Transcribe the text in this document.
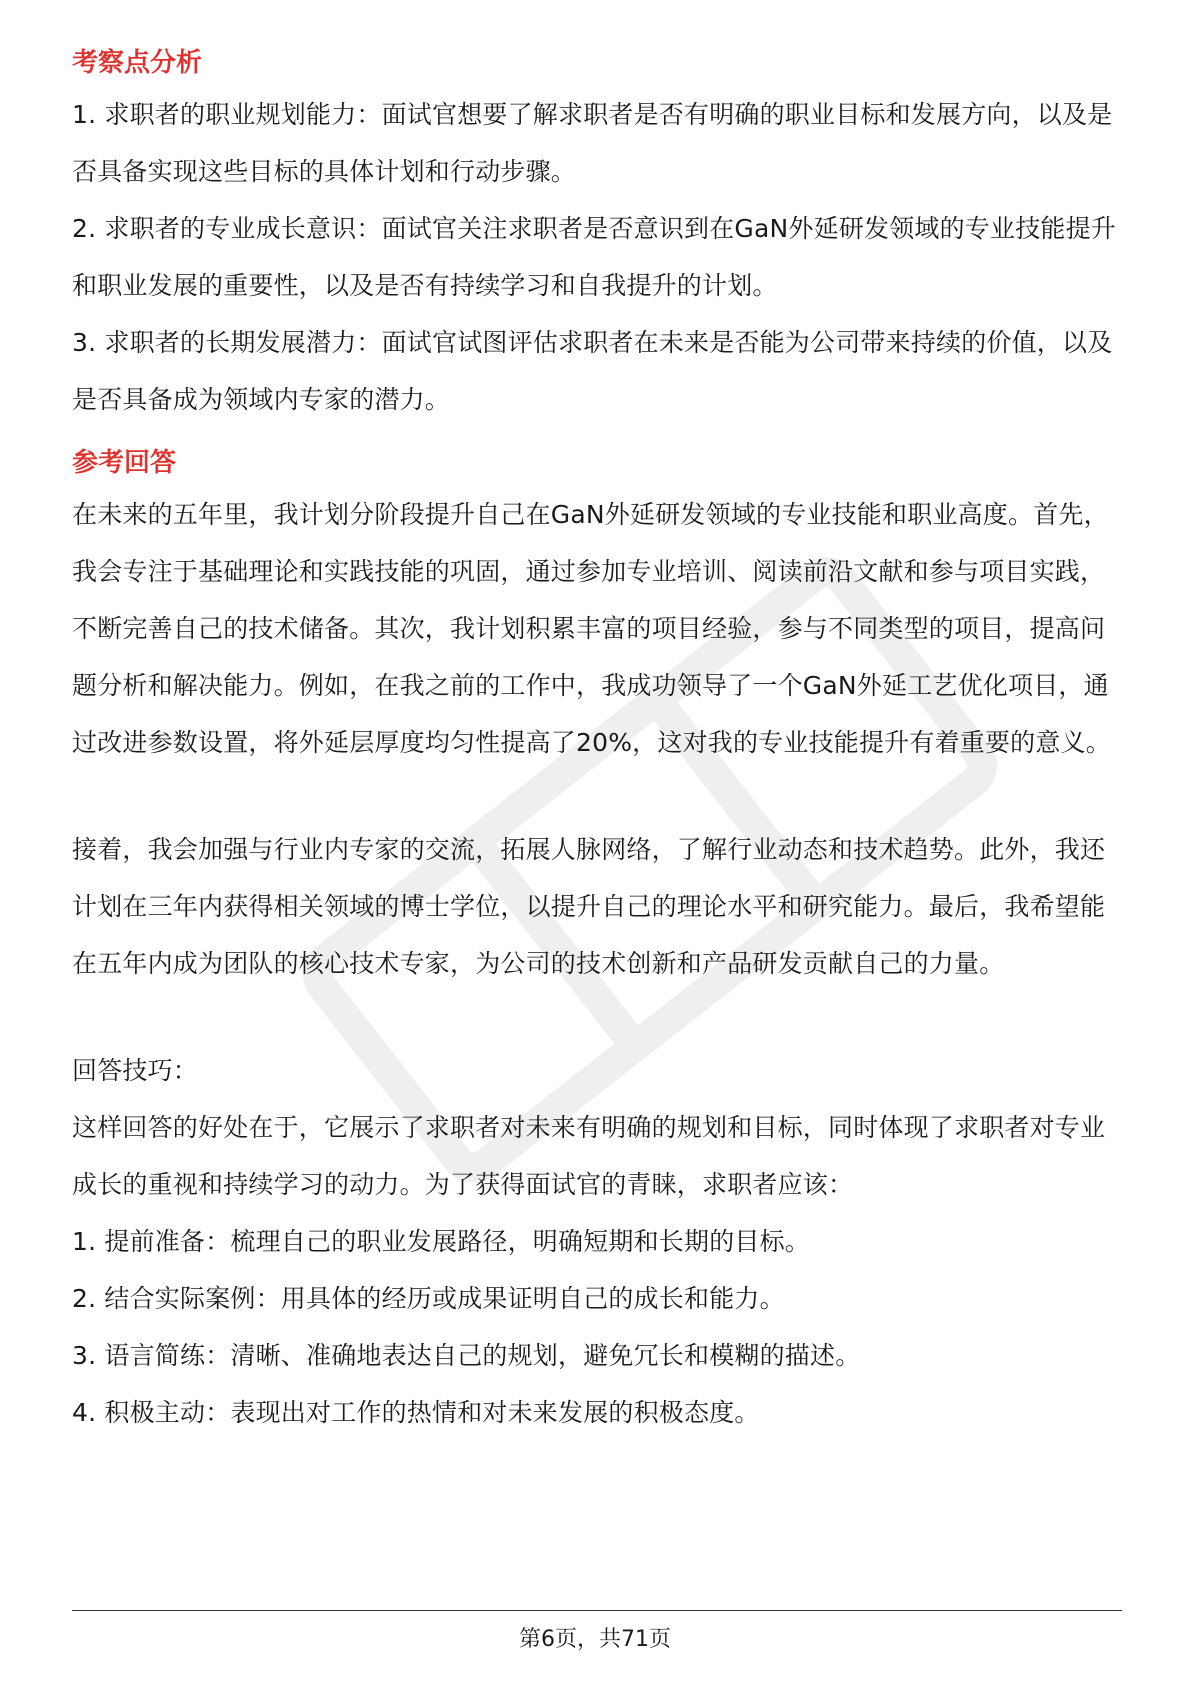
考察点分析

1. 求职者的职业规划能力：面试官想要了解求职者是否有明确的职业目标和发展方向，以及是否具备实现这些目标的具体计划和行动步骤。

2. 求职者的专业成长意识：面试官关注求职者是否意识到在GaN外延研发领域的专业技能提升和职业发展的重要性，以及是否有持续学习和自我提升的计划。

3. 求职者的长期发展潜力：面试官试图评估求职者在未来是否能为公司带来持续的价值，以及是否具备成为领域内专家的潜力。

参考回答

在未来的五年里，我计划分阶段提升自己在GaN外延研发领域的专业技能和职业高度。首先，我会专注于基础理论和实践技能的巩固，通过参加专业培训、阅读前沿文献和参与项目实践，不断完善自己的技术储备。其次，我计划积累丰富的项目经验，参与不同类型的项目，提高问题分析和解决能力。例如，在我之前的工作中，我成功领导了一个GaN外延工艺优化项目，通过改进参数设置，将外延层厚度均匀性提高了20%，这对我的专业技能提升有着重要的意义。

接着，我会加强与行业内专家的交流，拓展人脉网络，了解行业动态和技术趋势。此外，我还计划在三年内获得相关领域的博士学位，以提升自己的理论水平和研究能力。最后，我希望能在五年内成为团队的核心技术专家，为公司的技术创新和产品研发贡献自己的力量。

回答技巧：

这样回答的好处在于，它展示了求职者对未来有明确的规划和目标，同时体现了求职者对专业成长的重视和持续学习的动力。为了获得面试官的青睐，求职者应该：

1. 提前准备：梳理自己的职业发展路径，明确短期和长期的目标。

2. 结合实际案例：用具体的经历或成果证明自己的成长和能力。

3. 语言简练：清晰、准确地表达自己的规划，避免冗长和模糊的描述。

4. 积极主动：表现出对工作的热情和对未来发展的积极态度。

第6页，共71页
